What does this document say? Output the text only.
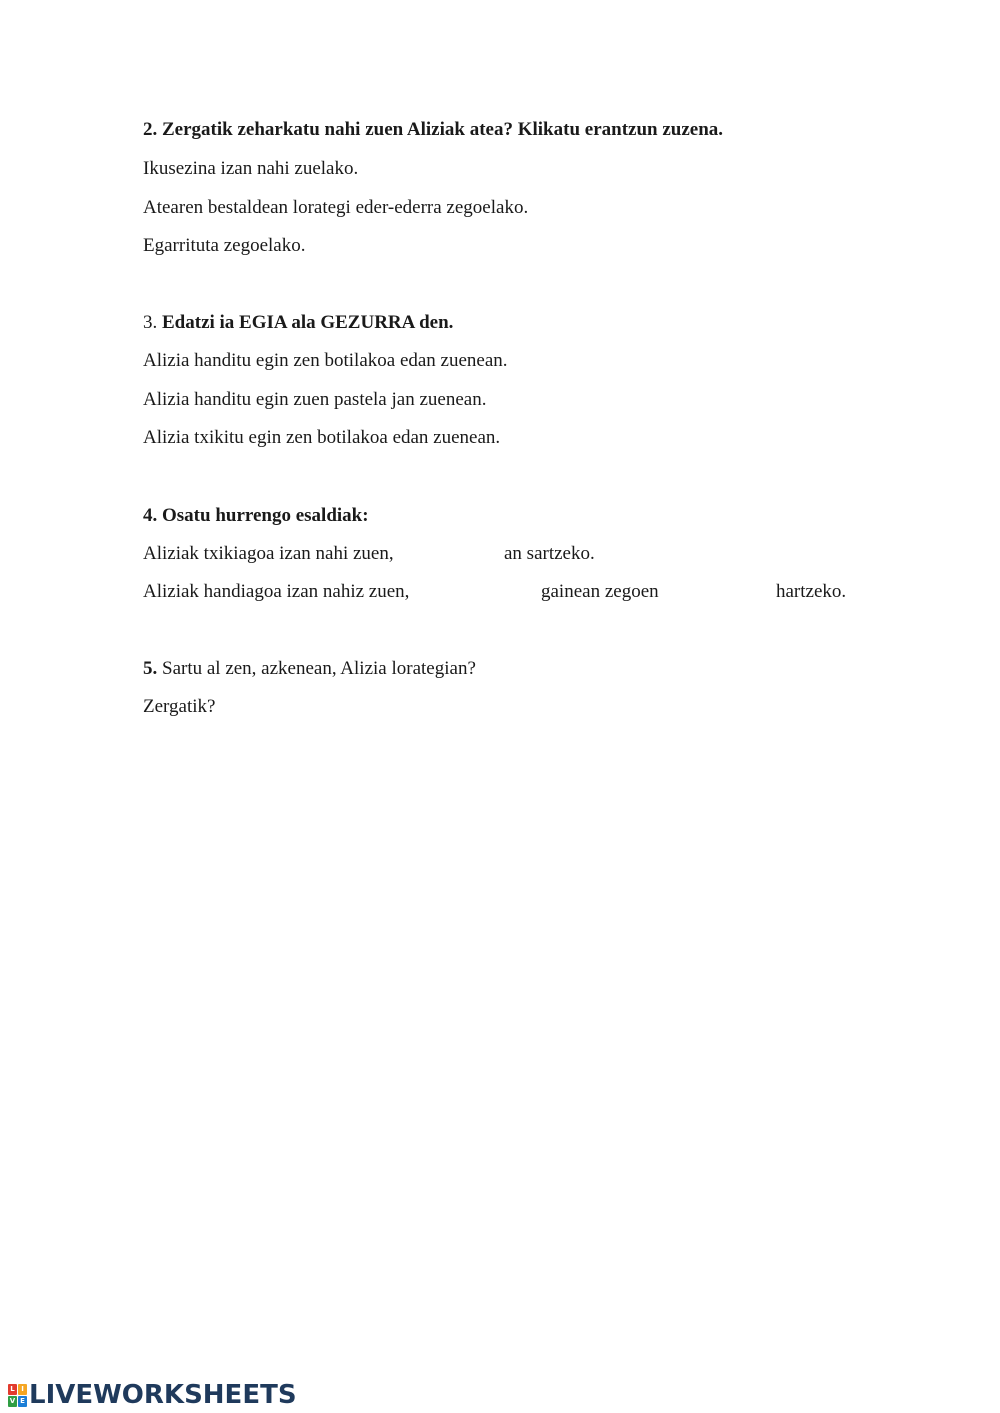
2. Zergatik zeharkatu nahi zuen Aliziak atea? Klikatu erantzun zuzena.
Ikusezina izan nahi zuelako.
Atearen bestaldean lorategi eder-ederra zegoelako.
Egarrituta zegoelako.
3. Edatzi ia EGIA ala GEZURRA den.
Alizia handitu egin zen botilakoa edan zuenean.
Alizia handitu egin zuen pastela jan zuenean.
Alizia txikitu egin zen botilakoa edan zuenean.
4. Osatu hurrengo esaldiak:
Aliziak txikiagoa izan nahi zuen,	an sartzeko.
Aliziak handiagoa izan nahiz zuen,	gainean zegoen	hartzeko.
5. Sartu al zen, azkenean, Alizia lorategian?
Zergatik?
L I
V E LIVEWORKSHEETS
